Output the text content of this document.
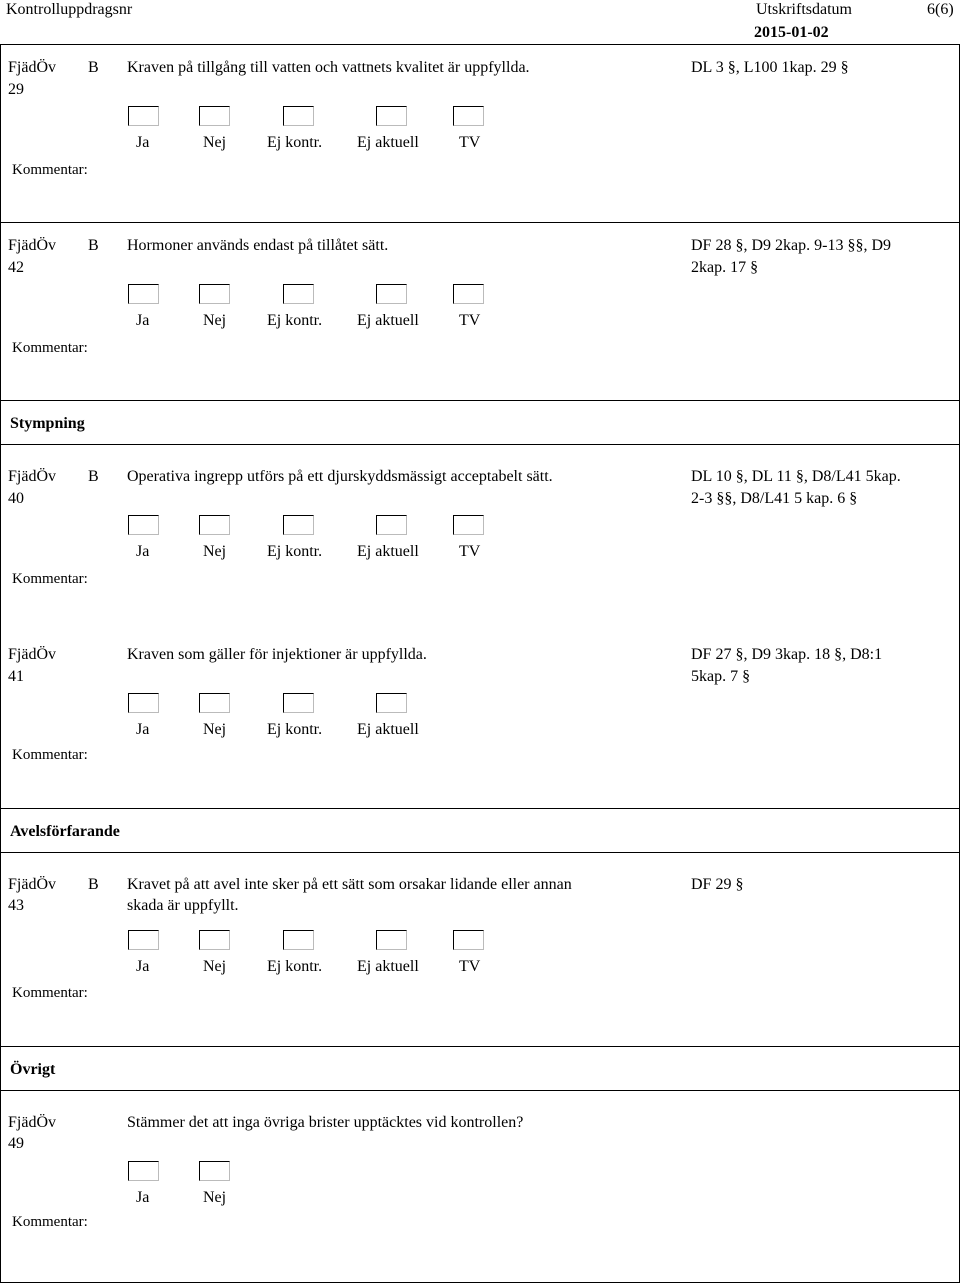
Kontrolluppdragsnr	Utskriftsdatum	6(6)
2015-01-02
FjädÖv
29
B Kraven på tillgång till vatten och vattnets kvalitet är uppfyllda.	DL 3 §, L100 1kap. 29 §
Ja	Nej	Ej kontr. Ej aktuell	TV
Kommentar:
FjädÖv
42
B Hormoner används endast på tillåtet sätt.	DF 28 §, D9 2kap. 9-13 §§, D9
2kap. 17 §
Ja	Nej	Ej kontr. Ej aktuell	TV
Kommentar:
Stympning
FjädÖv
40
B Operativa ingrepp utförs på ett djurskyddsmässigt acceptabelt sätt.	DL 10 §, DL 11 §, D8/L41 5kap.
2-3 §§, D8/L41 5 kap. 6 §
Ja	Nej	Ej kontr. Ej aktuell	TV
Kommentar:
FjädÖv
41
Kraven som gäller för injektioner är uppfyllda.	DF 27 §, D9 3kap. 18 §, D8:1
5kap. 7 §
Ja	Nej	Ej kontr. Ej aktuell
Kommentar:
Avelsförfarande
FjädÖv
43
B Kravet på att avel inte sker på ett sätt som orsakar lidande eller annan
skada är uppfyllt.
DF 29 §
Ja	Nej	Ej kontr. Ej aktuell	TV
Kommentar:
Övrigt
FjädÖv
49
Stämmer det att inga övriga brister upptäcktes vid kontrollen?
Ja	Nej
Kommentar:
